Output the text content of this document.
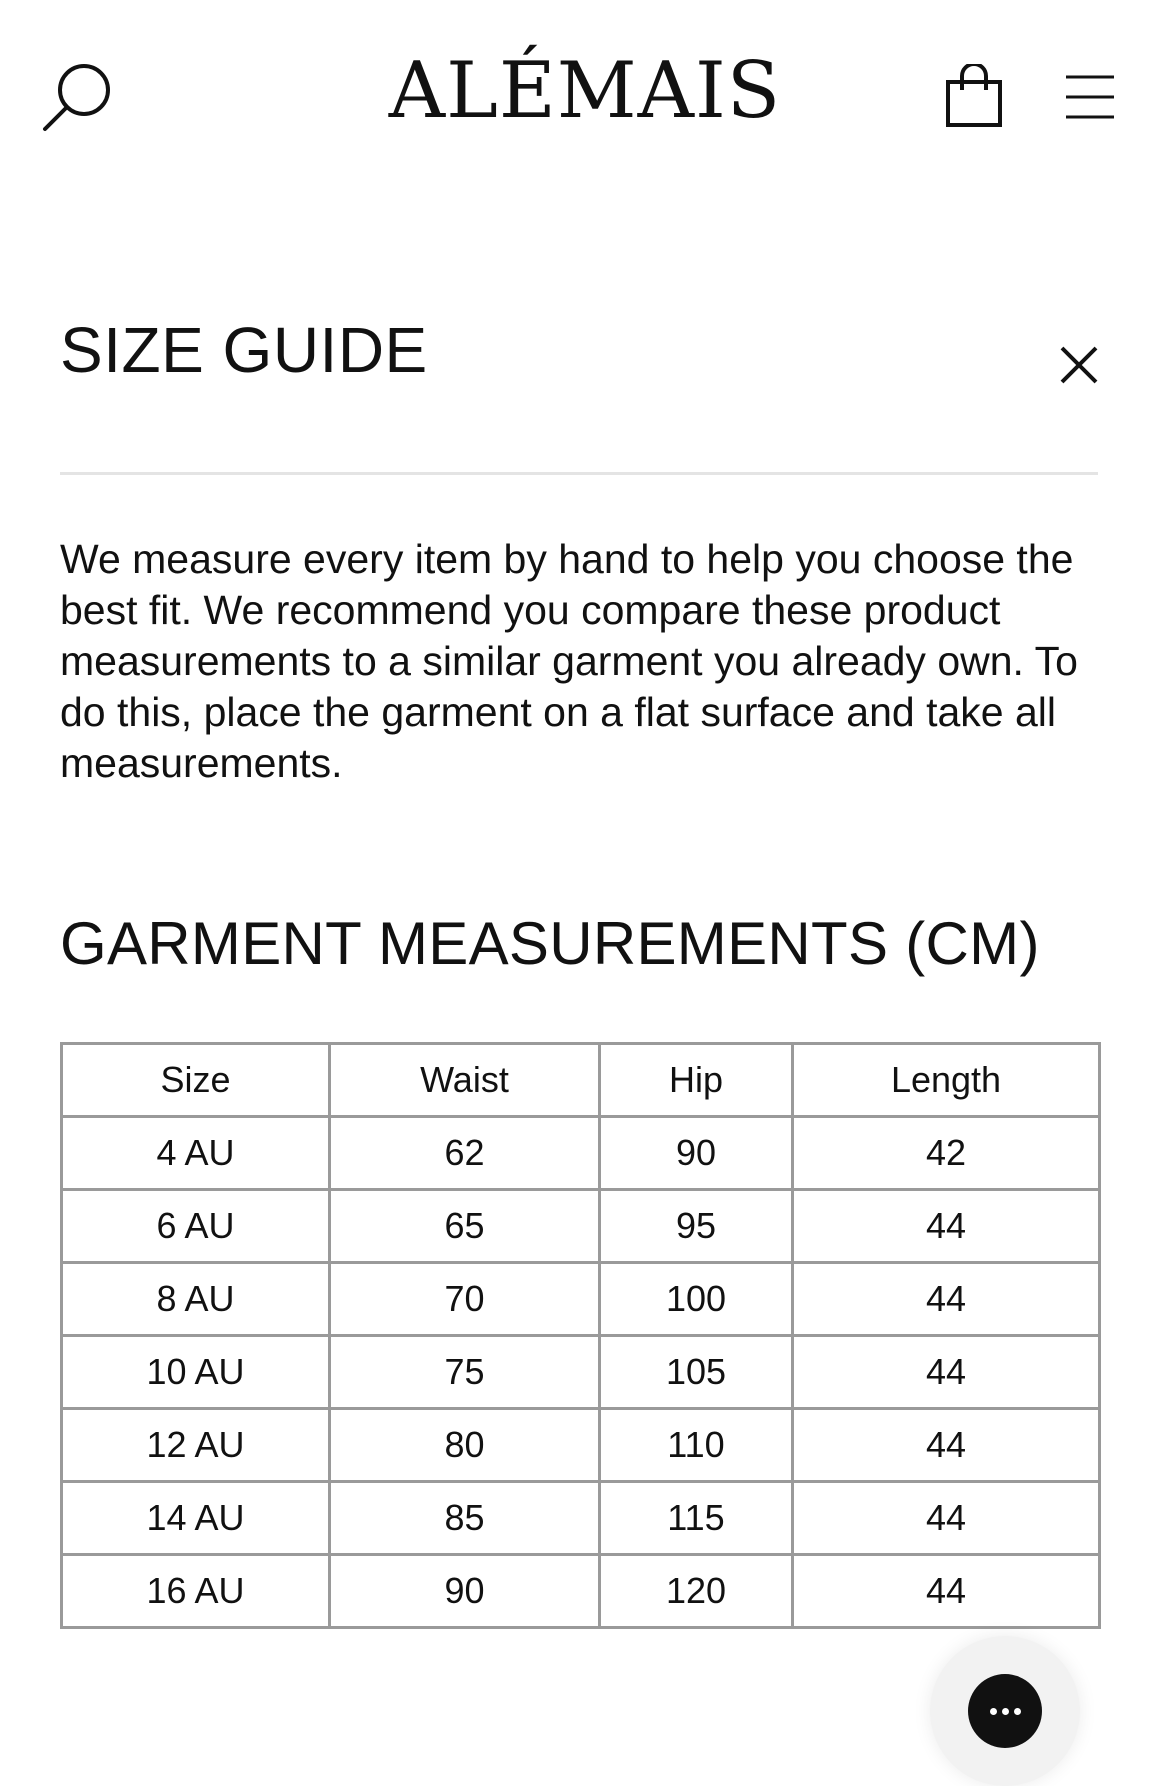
ALÉMAIS
SIZE GUIDE

We measure every item by hand to help you choose the best fit. We recommend you compare these product measurements to a similar garment you already own. To do this, place the garment on a flat surface and take all measurements.

GARMENT MEASUREMENTS (CM)
Size	Waist	Hip	Length
4 AU	62	90	42
6 AU	65	95	44
8 AU	70	100	44
10 AU	75	105	44
12 AU	80	110	44
14 AU	85	115	44
16 AU	90	120	44
